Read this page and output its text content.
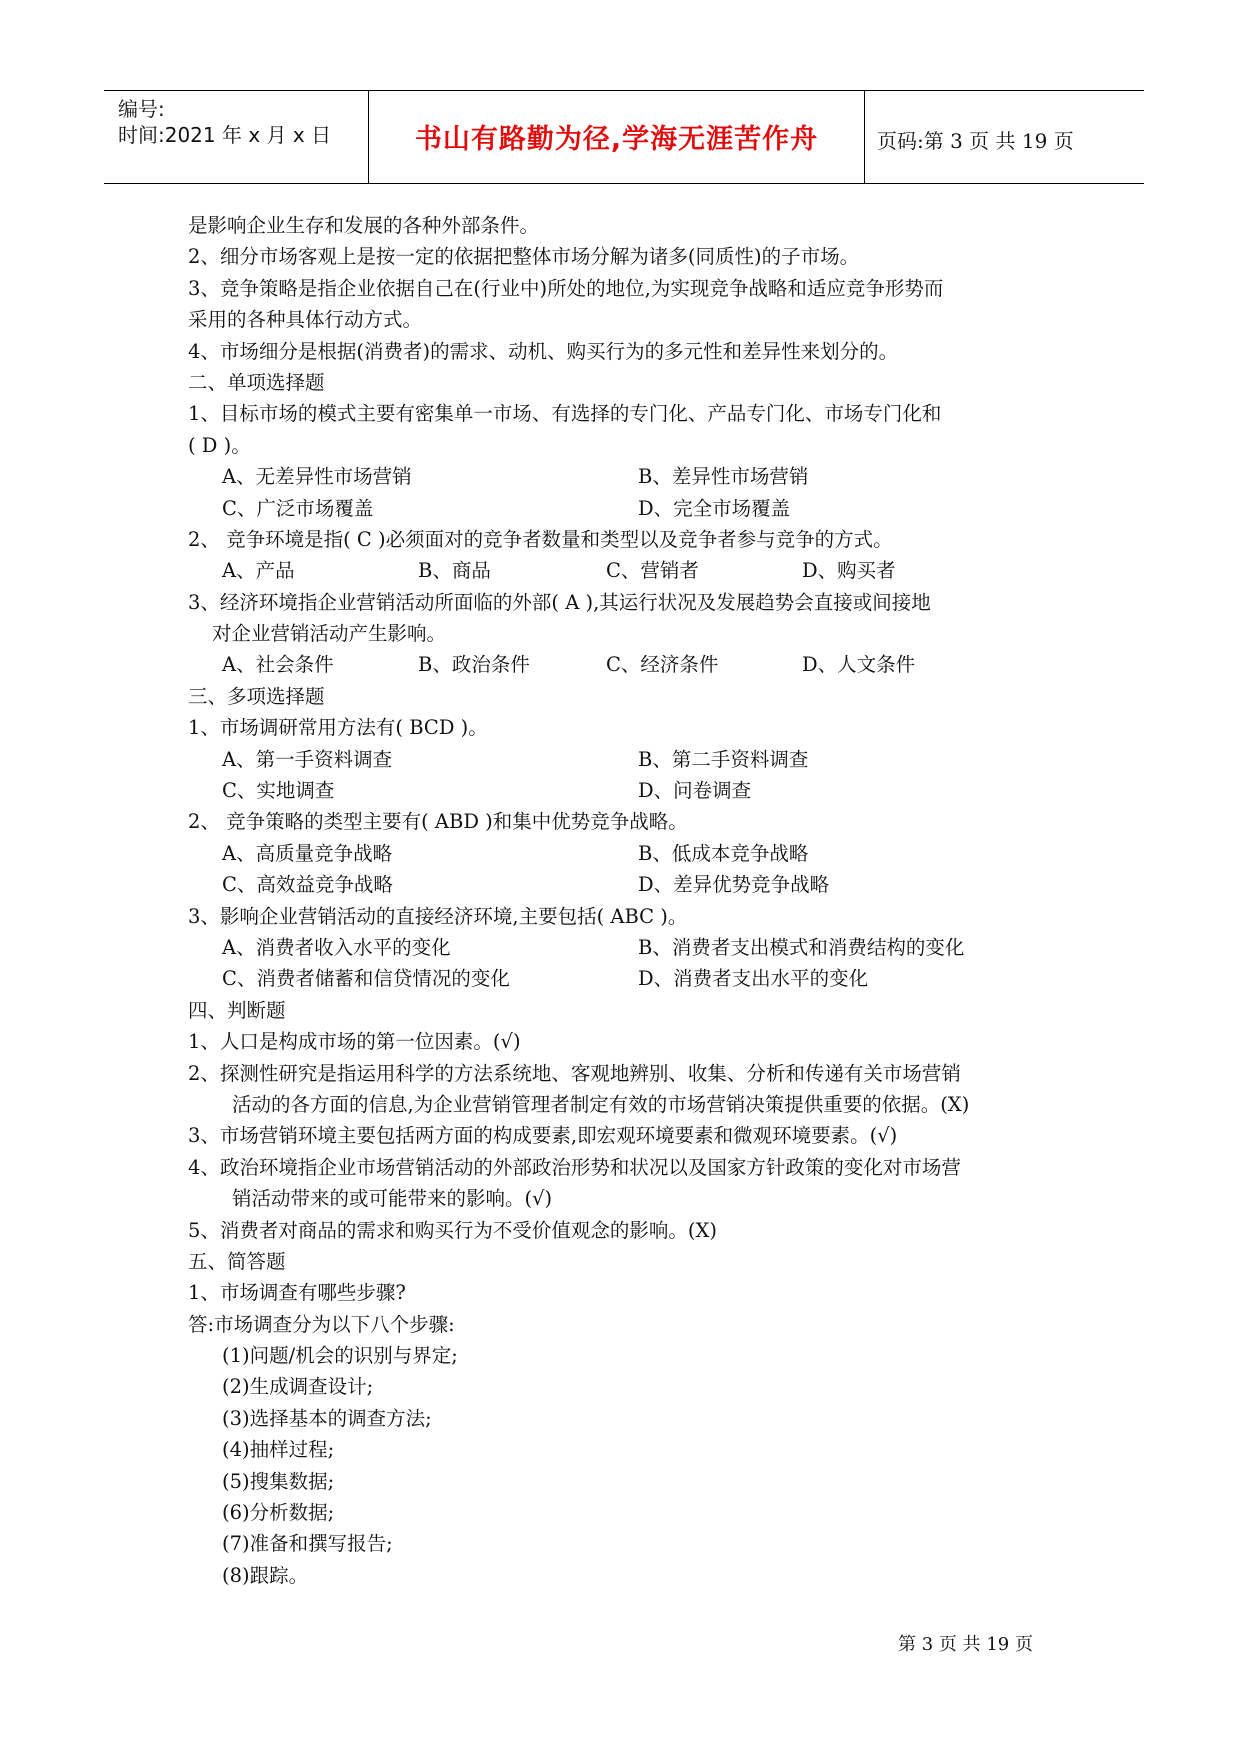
编号:
时间:2021 年 x 月 x 日	书山有路勤为径,学海无涯苦作舟	页码:第 3 页 共 19 页
是影响企业生存和发展的各种外部条件。
2、细分市场客观上是按一定的依据把整体市场分解为诸多(同质性)的子市场。
3、竞争策略是指企业依据自己在(行业中)所处的地位,为实现竞争战略和适应竞争形势而
采用的各种具体行动方式。
4、市场细分是根据(消费者)的需求、动机、购买行为的多元性和差异性来划分的。
二、单项选择题
1、目标市场的模式主要有密集单一市场、有选择的专门化、产品专门化、市场专门化和
( D )。
A、无差异性市场营销	B、差异性市场营销
C、广泛市场覆盖	D、完全市场覆盖
2、 竞争环境是指( C )必须面对的竞争者数量和类型以及竞争者参与竞争的方式。
A、产品	B、商品	C、营销者	D、购买者
3、经济环境指企业营销活动所面临的外部( A ),其运行状况及发展趋势会直接或间接地
对企业营销活动产生影响。
A、社会条件	B、政治条件	C、经济条件	D、人文条件
三、多项选择题
1、市场调研常用方法有( BCD )。
A、第一手资料调查	B、第二手资料调查
C、实地调查	D、问卷调查
2、 竞争策略的类型主要有( ABD )和集中优势竞争战略。
A、高质量竞争战略	B、低成本竞争战略
C、高效益竞争战略	D、差异优势竞争战略
3、影响企业营销活动的直接经济环境,主要包括( ABC )。
A、消费者收入水平的变化	B、消费者支出模式和消费结构的变化
C、消费者储蓄和信贷情况的变化	D、消费者支出水平的变化
四、判断题
1、人口是构成市场的第一位因素。(√)
2、探测性研究是指运用科学的方法系统地、客观地辨别、收集、分析和传递有关市场营销
活动的各方面的信息,为企业营销管理者制定有效的市场营销决策提供重要的依据。(X)
3、市场营销环境主要包括两方面的构成要素,即宏观环境要素和微观环境要素。(√)
4、政治环境指企业市场营销活动的外部政治形势和状况以及国家方针政策的变化对市场营
销活动带来的或可能带来的影响。(√)
5、消费者对商品的需求和购买行为不受价值观念的影响。(X)
五、简答题
1、市场调查有哪些步骤?
答:市场调查分为以下八个步骤:
(1)问题/机会的识别与界定;
(2)生成调查设计;
(3)选择基本的调查方法;
(4)抽样过程;
(5)搜集数据;
(6)分析数据;
(7)准备和撰写报告;
(8)跟踪。
第 3 页 共 19 页
